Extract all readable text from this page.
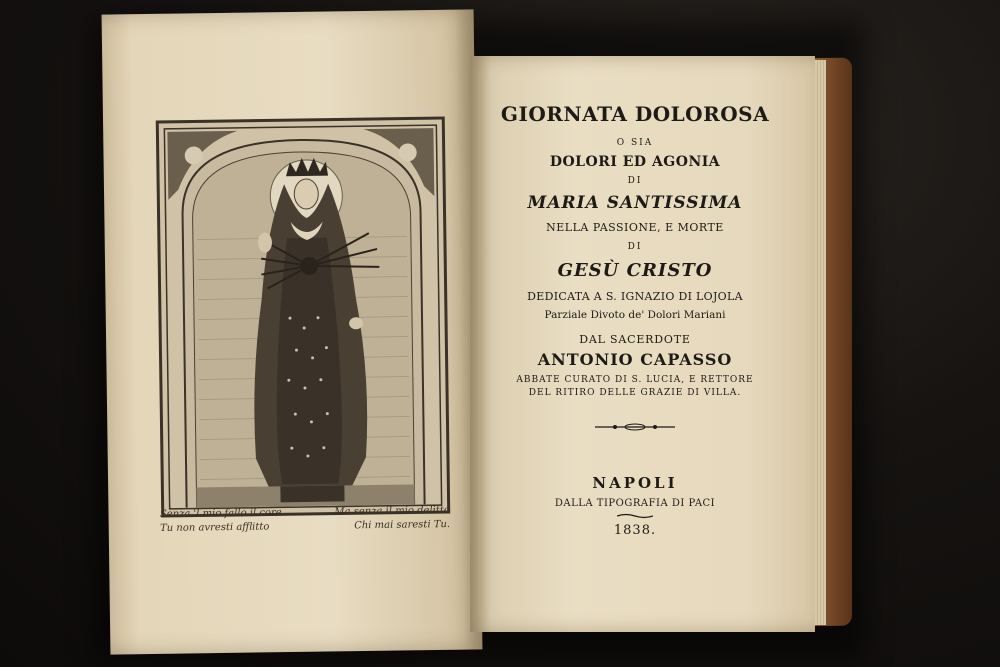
Senza 'l mio fallo il core	Ma senza il mio delitto
Tu non avresti afflitto	Chi mai saresti Tu.
GIORNATA DOLOROSA
O SIA
DOLORI ED AGONIA
DI
MARIA SANTISSIMA
NELLA PASSIONE, E MORTE
DI
GESÙ CRISTO
DEDICATA A S. IGNAZIO DI LOJOLA
Parziale Divoto de' Dolori Mariani
DAL SACERDOTE
ANTONIO CAPASSO
ABBATE CURATO DI S. LUCIA, E RETTORE
DEL RITIRO DELLE GRAZIE DI VILLA.
NAPOLI
DALLA TIPOGRAFIA DI PACI
1838.
